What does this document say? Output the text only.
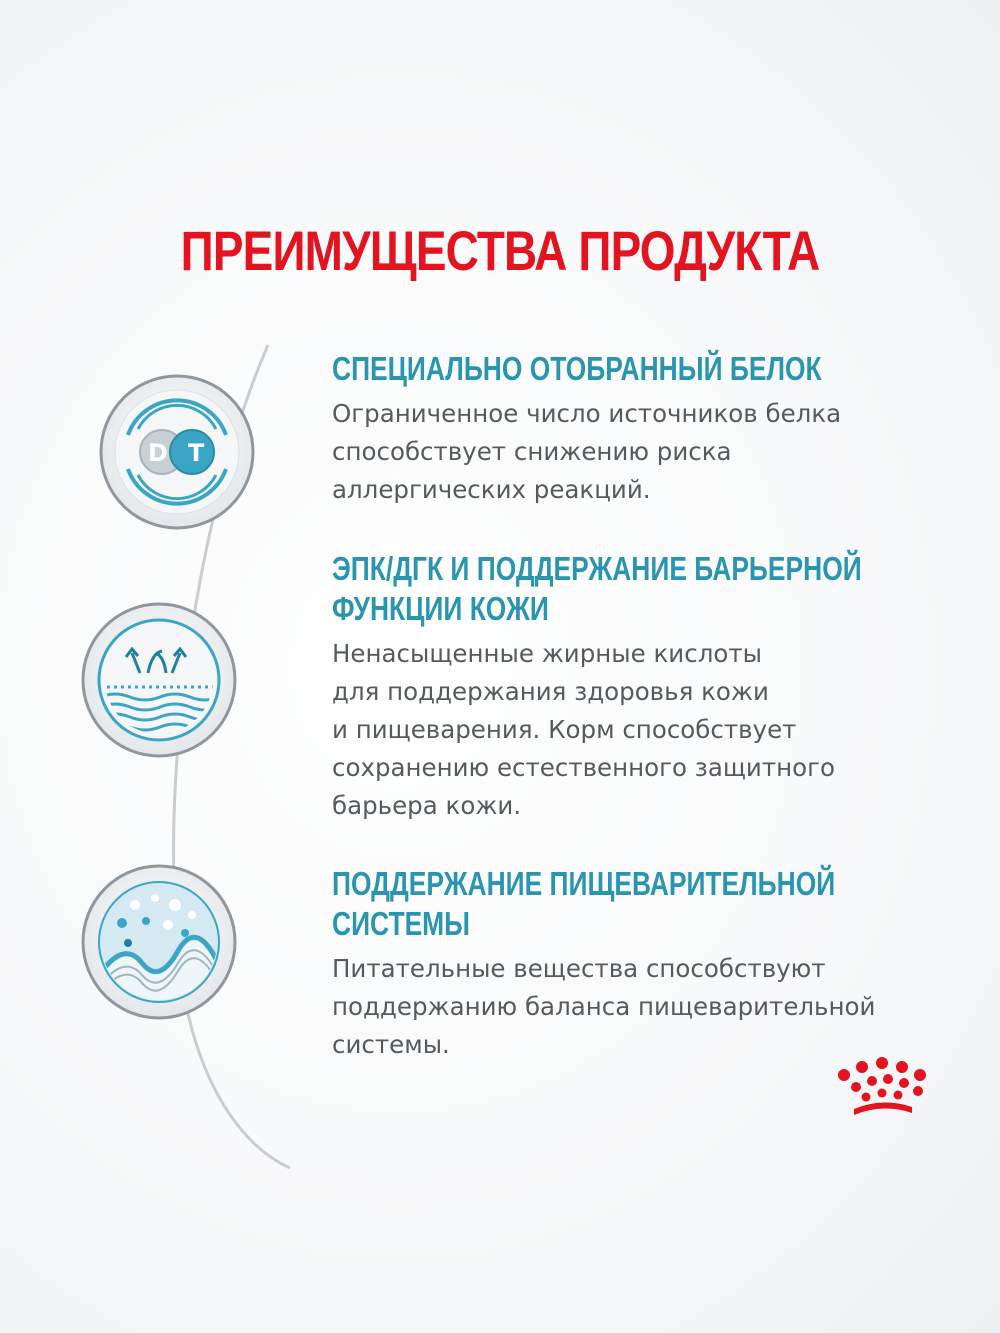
ПРЕИМУЩЕСТВА ПРОДУКТА
D T
СПЕЦИАЛЬНО ОТОБРАННЫЙ БЕЛОК

Ограниченное число источников белка
способствует снижению риска
аллергических реакций.

ЭПК/ДГК И ПОДДЕРЖАНИЕ БАРЬЕРНОЙ
ФУНКЦИИ КОЖИ

Ненасыщенные жирные кислоты
для поддержания здоровья кожи
и пищеварения. Корм способствует
сохранению естественного защитного
барьера кожи.

ПОДДЕРЖАНИЕ ПИЩЕВАРИТЕЛЬНОЙ СИСТЕМЫ

Питательные вещества способствуют
поддержанию баланса пищеварительной
системы.
